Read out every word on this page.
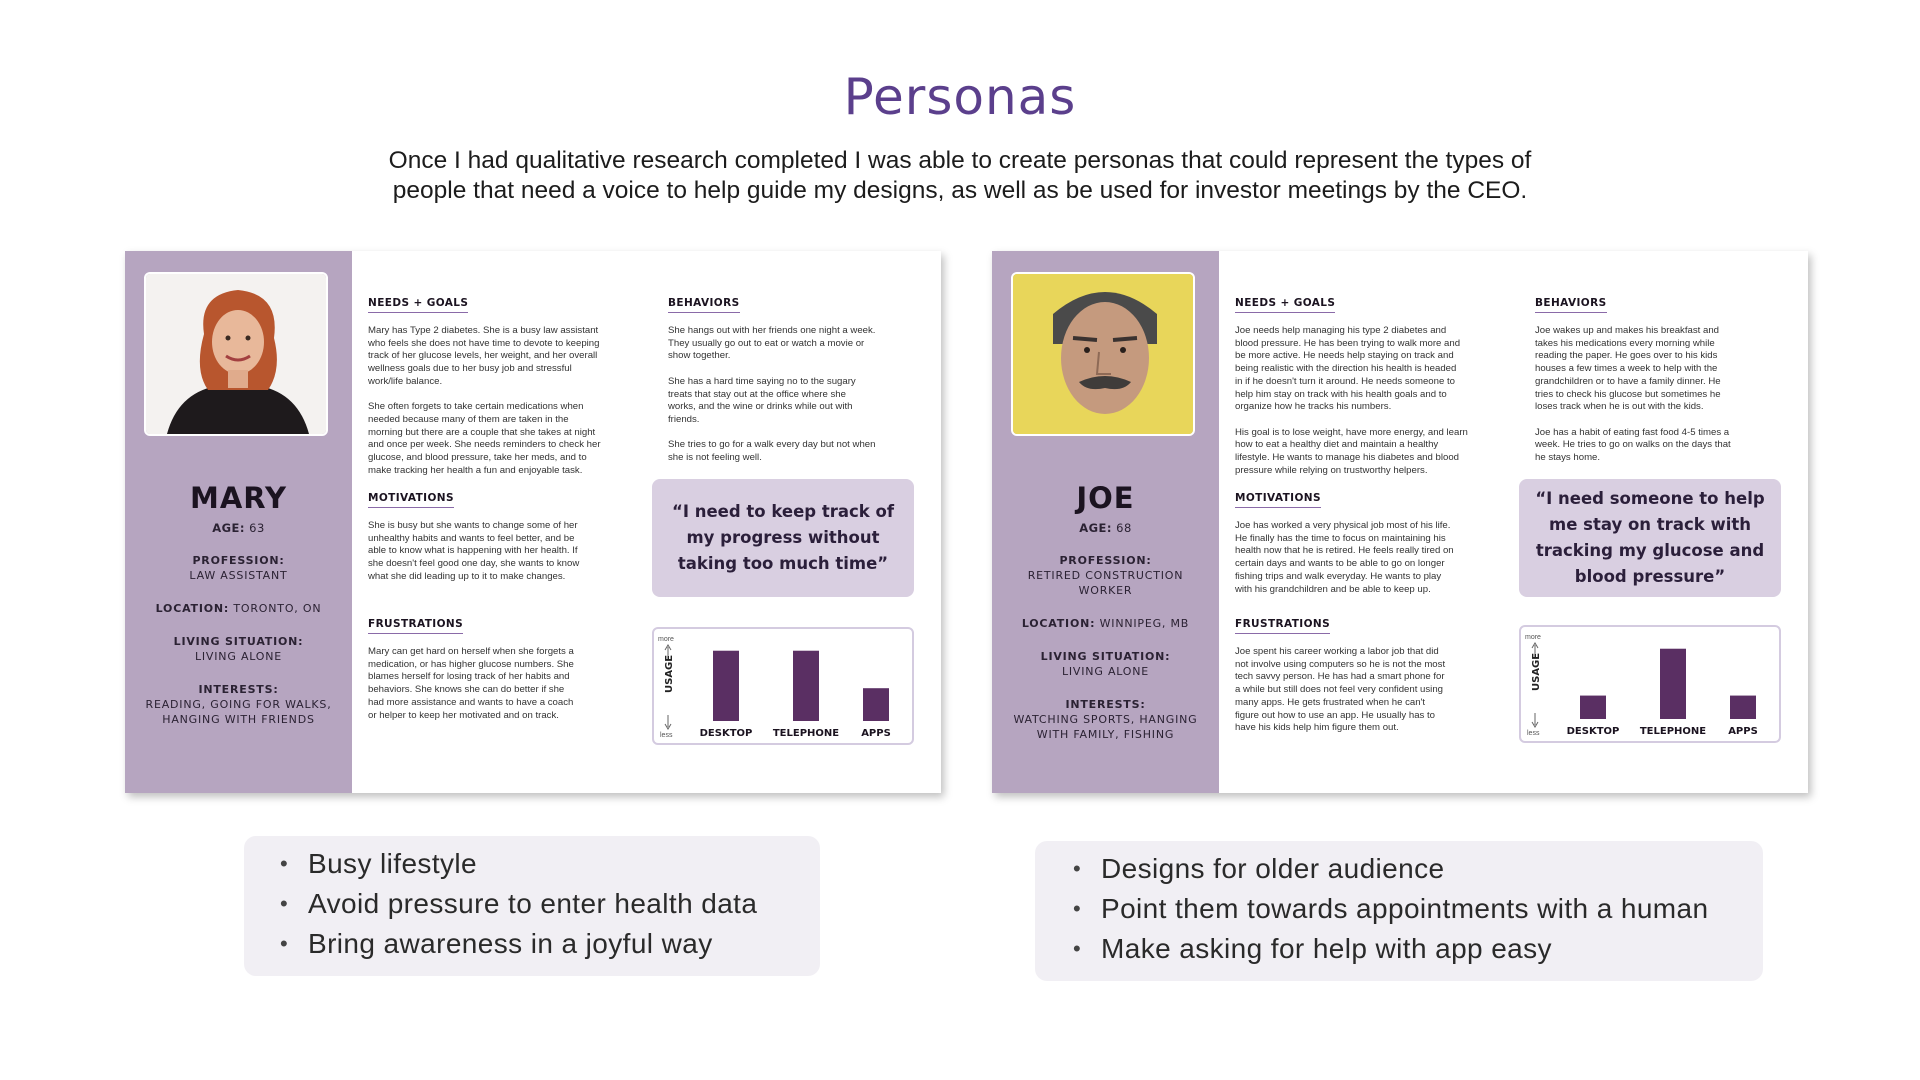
Personas
Once I had qualitative research completed I was able to create personas that could represent the types of
people that need a voice to help guide my designs, as well as be used for investor meetings by the CEO.
MARY
AGE: 63
PROFESSION:
LAW ASSISTANT
LOCATION: TORONTO, ON
LIVING SITUATION:
LIVING ALONE
INTERESTS:
READING, GOING FOR WALKS, HANGING WITH FRIENDS
NEEDS + GOALS
Mary has Type 2 diabetes. She is a busy law assistant
who feels she does not have time to devote to keeping
track of her glucose levels, her weight, and her overall
wellness goals due to her busy job and stressful
work/life balance.

She often forgets to take certain medications when
needed because many of them are taken in the
morning but there are a couple that she takes at night
and once per week. She needs reminders to check her
glucose, and blood pressure, take her meds, and to
make tracking her health a fun and enjoyable task.
BEHAVIORS
She hangs out with her friends one night a week.
They usually go out to eat or watch a movie or
show together.

She has a hard time saying no to the sugary
treats that stay out at the office where she
works, and the wine or drinks while out with
friends.

She tries to go for a walk every day but not when
she is not feeling well.
MOTIVATIONS
She is busy but she wants to change some of her
unhealthy habits and wants to feel better, and be
able to know what is happening with her health. If
she doesn't feel good one day, she wants to know
what she did leading up to it to make changes.
“I need to keep track of my progress without taking too much time”
FRUSTRATIONS
Mary can get hard on herself when she forgets a
medication, or has higher glucose numbers. She
blames herself for losing track of her habits and
behaviors. She knows she can do better if she
had more assistance and wants to have a coach
or helper to keep her motivated and on track.
more
less
USAGE
DESKTOP TELEPHONE APPS
JOE
AGE: 68
PROFESSION:
RETIRED CONSTRUCTION WORKER
LOCATION: WINNIPEG, MB
LIVING SITUATION:
LIVING ALONE
INTERESTS:
WATCHING SPORTS, HANGING WITH FAMILY, FISHING
NEEDS + GOALS
Joe needs help managing his type 2 diabetes and
blood pressure. He has been trying to walk more and
be more active. He needs help staying on track and
being realistic with the direction his health is headed
in if he doesn't turn it around. He needs someone to
help him stay on track with his health goals and to
organize how he tracks his numbers.

His goal is to lose weight, have more energy, and learn
how to eat a healthy diet and maintain a healthy
lifestyle. He wants to manage his diabetes and blood
pressure while relying on trustworthy helpers.
BEHAVIORS
Joe wakes up and makes his breakfast and
takes his medications every morning while
reading the paper. He goes over to his kids
houses a few times a week to help with the
grandchildren or to have a family dinner. He
tries to check his glucose but sometimes he
loses track when he is out with the kids.

Joe has a habit of eating fast food 4-5 times a
week. He tries to go on walks on the days that
he stays home.
MOTIVATIONS
Joe has worked a very physical job most of his life.
He finally has the time to focus on maintaining his
health now that he is retired. He feels really tired on
certain days and wants to be able to go on longer
fishing trips and walk everyday. He wants to play
with his grandchildren and be able to keep up.
“I need someone to help me stay on track with tracking my glucose and blood pressure”
FRUSTRATIONS
Joe spent his career working a labor job that did
not involve using computers so he is not the most
tech savvy person. He has had a smart phone for
a while but still does not feel very confident using
many apps. He gets frustrated when he can't
figure out how to use an app. He usually has to
have his kids help him figure them out.
more
less
USAGE
DESKTOP TELEPHONE APPS
• Busy lifestyle
• Avoid pressure to enter health data
• Bring awareness in a joyful way
• Designs for older audience
• Point them towards appointments with a human
• Make asking for help with app easy
